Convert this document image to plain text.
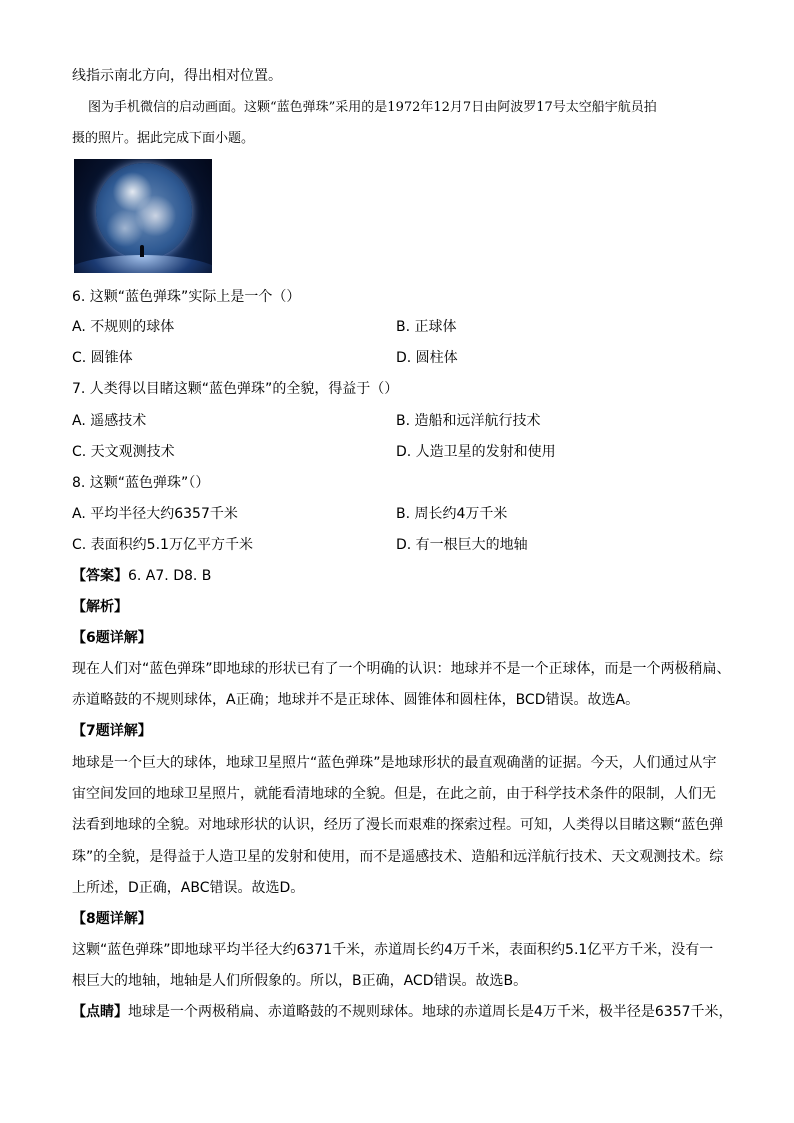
线指示南北方向，得出相对位置。
图为手机微信的启动画面。这颗“蓝色弹珠”采用的是1972年12月7日由阿波罗17号太空船宇航员拍
摄的照片。据此完成下面小题。
6. 这颗“蓝色弹珠”实际上是一个（）
A. 不规则的球体	B. 正球体
C. 圆锥体	D. 圆柱体
7. 人类得以目睹这颗“蓝色弹珠”的全貌，得益于（）
A. 遥感技术	B. 造船和远洋航行技术
C. 天文观测技术	D. 人造卫星的发射和使用
8. 这颗“蓝色弹珠”（）
A. 平均半径大约6357千米	B. 周长约4万千米
C. 表面积约5.1万亿平方千米	D. 有一根巨大的地轴
【答案】6. A7. D8. B
【解析】
【6题详解】
现在人们对“蓝色弹珠”即地球的形状已有了一个明确的认识：地球并不是一个正球体，而是一个两极稍扁、
赤道略鼓的不规则球体，A正确；地球并不是正球体、圆锥体和圆柱体，BCD错误。故选A。
【7题详解】
地球是一个巨大的球体，地球卫星照片“蓝色弹珠”是地球形状的最直观确凿的证据。今天，人们通过从宇
宙空间发回的地球卫星照片，就能看清地球的全貌。但是，在此之前，由于科学技术条件的限制，人们无
法看到地球的全貌。对地球形状的认识，经历了漫长而艰难的探索过程。可知，人类得以目睹这颗“蓝色弹
珠”的全貌，是得益于人造卫星的发射和使用，而不是遥感技术、造船和远洋航行技术、天文观测技术。综
上所述，D正确，ABC错误。故选D。
【8题详解】
这颗“蓝色弹珠”即地球平均半径大约6371千米，赤道周长约4万千米，表面积约5.1亿平方千米，没有一
根巨大的地轴，地轴是人们所假象的。所以，B正确，ACD错误。故选B。
【点睛】地球是一个两极稍扁、赤道略鼓的不规则球体。地球的赤道周长是4万千米，极半径是6357千米，
